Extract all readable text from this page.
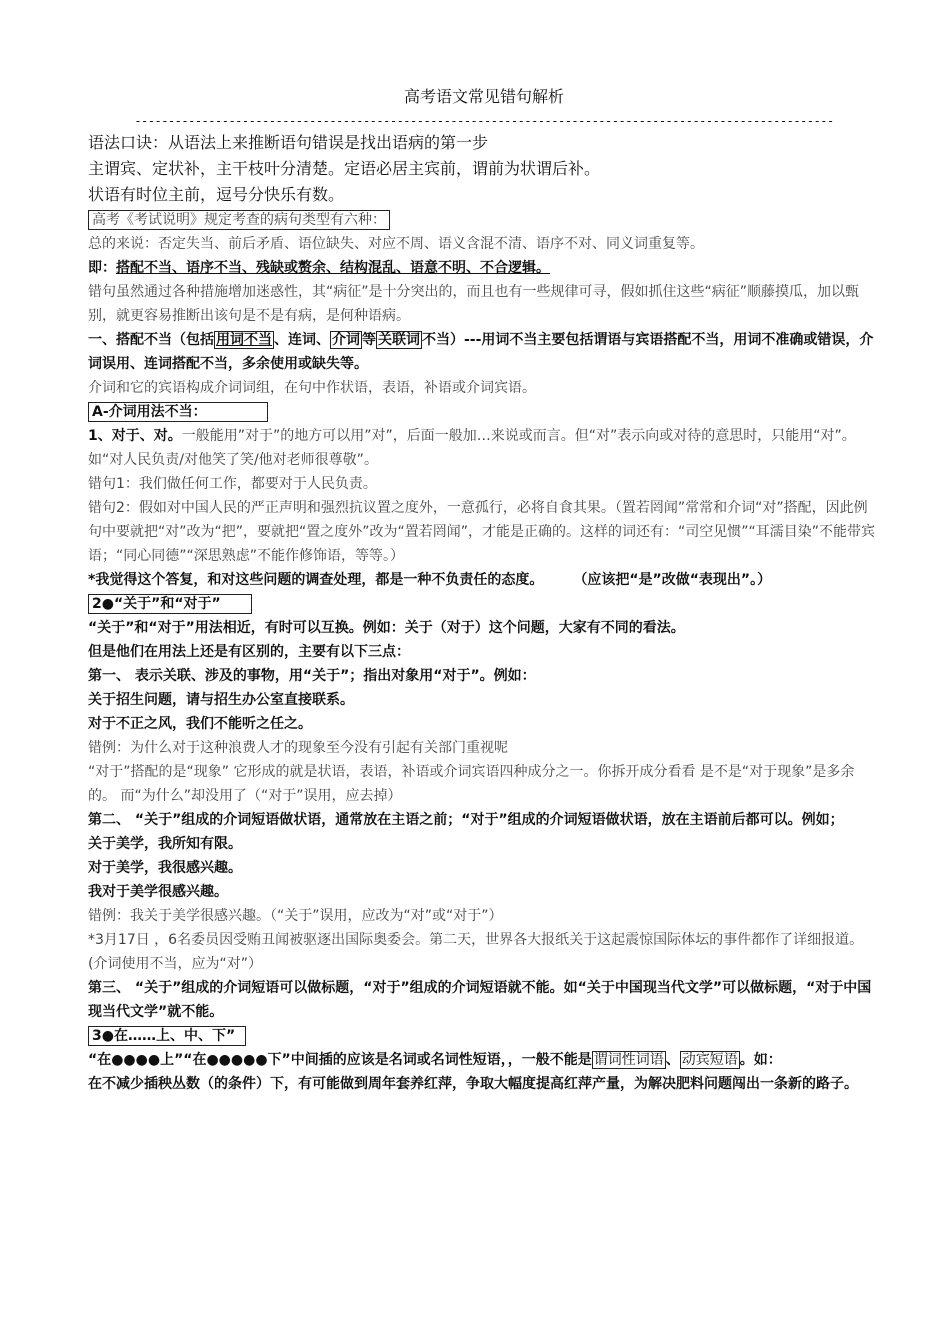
高考语文常见错句解析
--------------------------------------------------------------------------------------------------------

语法口诀：从语法上来推断语句错误是找出语病的第一步

主谓宾、定状补，主干枝叶分清楚。定语必居主宾前，谓前为状谓后补。

状语有时位主前，逗号分快乐有数。

高考《考试说明》规定考查的病句类型有六种：

总的来说：否定失当、前后矛盾、语位缺失、对应不周、语义含混不清、语序不对、同义词重复等。

即：搭配不当、语序不当、残缺或赘余、结构混乱、语意不明、不合逻辑。

错句虽然通过各种措施增加迷惑性，其“病征”是十分突出的，而且也有一些规律可寻，假如抓住这些“病征”顺藤摸瓜，加以甄别，就更容易推断出该句是不是有病，是何种语病。

一、搭配不当（包括 用词不当 、连词、 介词 等 关联词 不当）---用词不当主要包括谓语与宾语搭配不当，用词不准确或错误，介词误用、连词搭配不当，多余使用或缺失等。

介词和它的宾语构成介词词组，在句中作状语，表语，补语或介词宾语。

A-介词用法不当：

1、对于、对。一般能用”对于”的地方可以用”对”，后面一般加…来说或而言。但“对”表示向或对待的意思时，只能用“对”。 如“对人民负责/对他笑了笑/他对老师很尊敬”。

错句1：我们做任何工作，都要对于人民负责。

错句2：假如对中国人民的严正声明和强烈抗议置之度外，一意孤行，必将自食其果。（置若罔闻”常常和介词“对”搭配，因此例句中要就把“对”改为“把”，要就把“置之度外”改为“置若罔闻”，才能是正确的。这样的词还有：“司空见惯”“耳濡目染”不能带宾语；“同心同德”“深思熟虑”不能作修饰语，等等。）

*我觉得这个答复，和对这些问题的调查处理，都是一种不负责任的态度。 （应该把“是”改做“表现出”。）

2●“关于”和“对于”

“关于”和“对于”用法相近，有时可以互换。例如：关于（对于）这个问题，大家有不同的看法。

但是他们在用法上还是有区别的，主要有以下三点：

第一、 表示关联、涉及的事物，用“关于”；指出对象用“对于”。例如：

关于招生问题，请与招生办公室直接联系。

对于不正之风，我们不能听之任之。

错例：为什么对于这种浪费人才的现象至今没有引起有关部门重视呢

“对于”搭配的是“现象” 它形成的就是状语，表语，补语或介词宾语四种成分之一。你拆开成分看看 是不是“对于现象”是多余的。 而“为什么”却没用了（“对于”误用，应去掉）

第二、 “关于”组成的介词短语做状语，通常放在主语之前；“对于”组成的介词短语做状语，放在主语前后都可以。例如；

关于美学，我所知有限。

对于美学，我很感兴趣。

我对于美学很感兴趣。

错例：我关于美学很感兴趣。（“关于”误用，应改为“对”或“对于”）

*3月17日 ，6名委员因受贿丑闻被驱逐出国际奥委会。第二天，世界各大报纸关于这起震惊国际体坛的事件都作了详细报道。(介词使用不当，应为“对”）

第三、 “关于”组成的介词短语可以做标题，“对于”组成的介词短语就不能。如“关于中国现当代文学”可以做标题，“对于中国现当代文学”就不能。

3●在……上、中、下”

“在●●●●上”“在●●●●●下”中间插的应该是名词或名词性短语，，一般不能是 谓词性词语 、 动宾短语 。如：

在不减少插秧丛数（的条件）下，有可能做到周年套养红萍，争取大幅度提高红萍产量，为解决肥料问题闯出一条新的路子。
